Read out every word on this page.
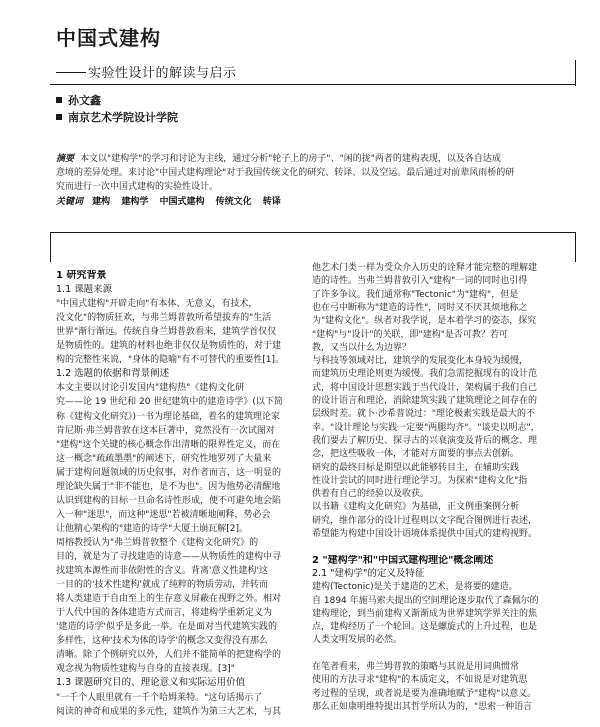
中国式建构
实验性设计的解读与启示
孙文鑫
南京艺术学院设计学院
摘要 本文以"建构学"的学习和讨论为主线，通过分析"轮子上的房子"、"闲的拢"两者的建构表现，以及各自达成
意境的差异处理。来讨论"中国式建构理论"对于我国传统文化的研究、转译、以及空运。最后通过对前辈风雨桥的研
究而进行一次中国式建构的实验性设计。
关键词 建构 建构学 中国式建构 传统文化 转译
1 研究背景
1.1 课题来源
"中国式建构"开辟走向"有本体、无意义，有技术，
没文化"的物质狂欢，与弗兰姆普敦所希望拔弃的"生活
世界"渐行渐远。传统自身兰姆普敦看来，建筑学首仅仅
是物质性的。建筑的材料也绝非仅仅是物质性的，对于建
构的完整性来说，"身体的隐喻"有不可替代的重要性[1]。
1.2 选题的依据和背景阐述
本文主要以讨论引发国内"建构热"《建构文化研
究——论 19 世纪和 20 世纪建筑中的建造诗学》(以下简
称《建构文化研究》)一书为理论基础，着名的建筑理论家
肯尼斯·弗兰姆普敦在这本巨著中，竟然没有一次试图对
"建构"这个关键的核心概念作出清晰的限界性定义，而在
这一概念"疏疏墨墨"的阐述下，研究性地罗列了大量来
属于建构问题领域的历史叙事，对作者而言，这一明显的
理论缺失属于"非不能也，是不为也"。因为他势必清醒地
认识到建构的目标一旦命名诗性形成，便不可避免地会陷
入一种"迷思"，而这种"迷思"若被清晰地阐释，势必会
让他精心架构的"建造的诗学"大厦土崩瓦解[2]。
周榕教授认为"弗兰姆普敦整个《建构文化研究》的
目的，就是为了寻找建造的诗意——从物质性的建构中寻
找建筑本源性而非依附性的含义。背离'意义性建构'这
一目的的'技术性建构'就成了纯粹的物质劳动，并转而
将人类建造于自由至上的生存意义屏蔽在视野之外。相对
于人代中国的各体建造方式而言，将建构学重新定义为
'建造的诗学'似乎是多此一举。在是面对当代建筑实践的
多样性，这种'技术为体的诗学'的概念又变得没有那么
清晰。除了个例研究以外，人们并不能简单的把建构学的
观念视为物质性建构与自身的直接表现。[3]"
1.3 课题研究目的、理论意义和实际运用价值
"一千个人眼里就有一千个哈姆莱特。"这句话揭示了
阅读的神奇和成果的多元性，建筑作为第三大艺术，与其
他艺术门类一样为受众介入历史的诠释才能完整的理解建
造的诗性。当弗兰姆普敦引入"建构"一词的同时也引得
了许多争议。我们通常称"Tectonic"为"建构"，但是
也在弓中断称为"建造的诗性"，同时又不厌其烦地称之
为"建构文化"。纵者对我学说，是本着学习的姿态，探究
"建构"与"设计"的关联，即"建构"是否可教？若可
教，又当以什么为边界？
与科技等领域对比，建筑学的发展变化本身较为缓慢，
而建筑历史理论则更为缓慢。我们急需挖掘现有的设计范
式，将中国设计思想实践于当代设计，架构属于我们自己
的设计语言和理论，消除建筑实践了建筑理论之间存在的
层级时差。就卜·沙希普说过："理论极素实践是最大的不
幸。"设计理论与实践一定要"两腿均齐"。"谈史以明志"，
我们要去了解历史、探寻古的兴衰演变及背后的概念、理
念，把这些吸收一体，才能对方面要的事点去创新。
研究的最终目标是期望以此能够转目主，在辅助实践
性设计尝试的同时进行理论学习。为探索"建构文化"指
供着有自己的经验以及收获。
以书籍《建构文化研究》为基础，正文例重案例分析
研究，维作部分的设计过程则以文字配合图例进行表述，
希望能为构建中国设计语境体系提供中国式的建构视野。
2 "建构学"和"中国式建构理论"概念阐述
2.1 "建构学"的定义及特征
建构(Tectonic)是关于建造的艺术，是将要的建造。
自 1894 年施马索夫提出的空间理论逐步取代了森佩尔的
建构理论，到当前建构又渐渐成为世界建筑学界关注的焦
点，建构经历了一个轮回。这是螺旋式的上升过程，也是
人类文明发展的必然。
在笔者看来，弗兰姆普敦的策略与其说是用词典惯常
使用的方法寻求"建构"的本质定义，不如说是对建筑思
考过程的呈现，或者说是要为准确地赋予"建构"以意义。
那么正如康明维特提出其哲学所认为的，"思索一种语言
